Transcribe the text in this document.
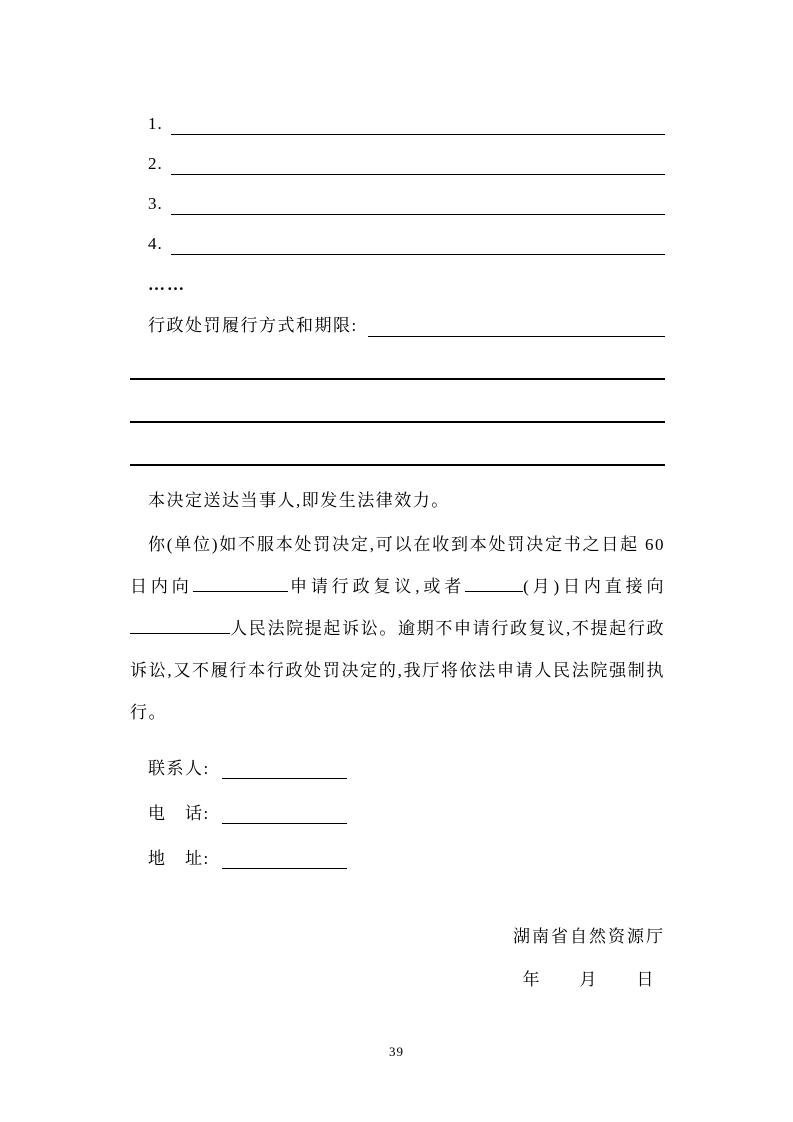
1.
2.
3.
4.
……
行政处罚履行方式和期限:

本决定送达当事人,即发生法律效力。

你(单位)如不服本处罚决定,可以在收到本处罚决定书之日起 60 日内向	申请行政复议,或者	(月)日内直接向人民法院提起诉讼。逾期不申请行政复议,不提起行政诉讼,又不履行本行政处罚决定的,我厅将依法申请人民法院强制执行。

联系人:
电　话:
地　址:
湖南省自然资源厅
年　　月　　日
39
